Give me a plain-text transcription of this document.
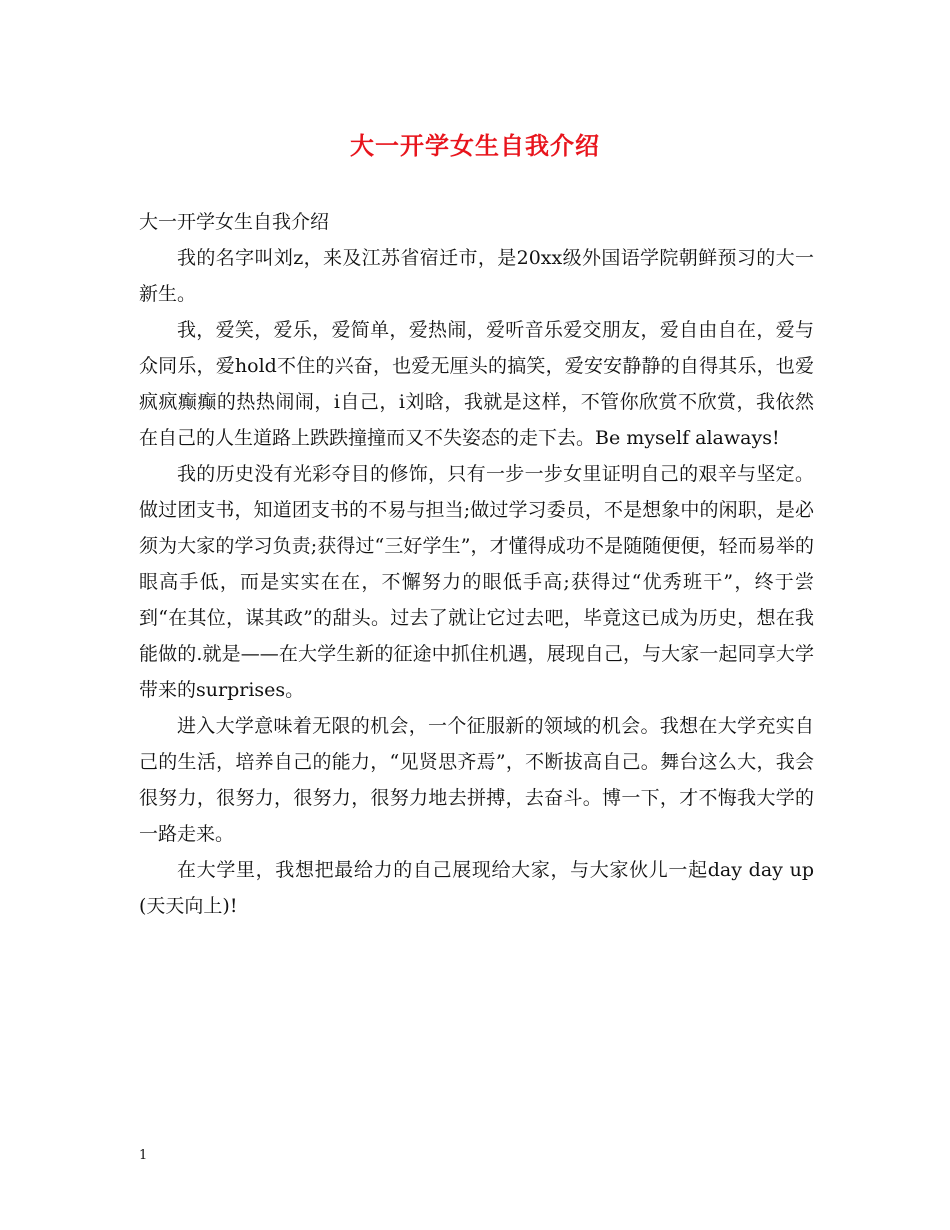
大一开学女生自我介绍

大一开学女生自我介绍

我的名字叫刘z，来及江苏省宿迁市，是20xx级外国语学院朝鲜预习的大一新生。

我，爱笑，爱乐，爱简单，爱热闹，爱听音乐爱交朋友，爱自由自在，爱与众同乐，爱hold不住的兴奋，也爱无厘头的搞笑，爱安安静静的自得其乐，也爱疯疯癫癫的热热闹闹，i自己，i刘晗，我就是这样，不管你欣赏不欣赏，我依然在自己的人生道路上跌跌撞撞而又不失姿态的走下去。Be myself alaways!

我的历史没有光彩夺目的修饰，只有一步一步女里证明自己的艰辛与坚定。做过团支书，知道团支书的不易与担当;做过学习委员，不是想象中的闲职，是必须为大家的学习负责;获得过“三好学生”，才懂得成功不是随随便便，轻而易举的眼高手低，而是实实在在，不懈努力的眼低手高;获得过“优秀班干”，终于尝到“在其位，谋其政”的甜头。过去了就让它过去吧，毕竟这已成为历史，想在我能做的.就是——在大学生新的征途中抓住机遇，展现自己，与大家一起同享大学带来的surprises。

进入大学意味着无限的机会，一个征服新的领域的机会。我想在大学充实自己的生活，培养自己的能力，“见贤思齐焉”，不断拔高自己。舞台这么大，我会很努力，很努力，很努力，很努力地去拼搏，去奋斗。博一下，才不悔我大学的一路走来。

在大学里，我想把最给力的自己展现给大家，与大家伙儿一起day day up(天天向上)!

1
